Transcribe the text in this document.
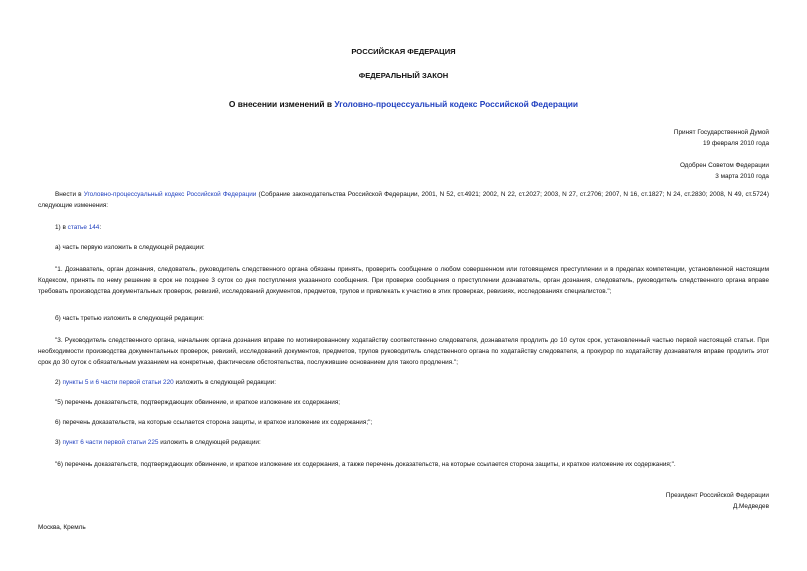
РОССИЙСКАЯ ФЕДЕРАЦИЯ
ФЕДЕРАЛЬНЫЙ ЗАКОН
О внесении изменений в Уголовно-процессуальный кодекс Российской Федерации
Принят Государственной Думой
19 февраля 2010 года
Одобрен Советом Федерации
3 марта 2010 года
Внести в Уголовно-процессуальный кодекс Российской Федерации (Собрание законодательства Российской Федерации, 2001, N 52, ст.4921; 2002, N 22, ст.2027; 2003, N 27, ст.2706; 2007, N 16, ст.1827; N 24, ст.2830; 2008, N 49, ст.5724) следующие изменения:
1) в статье 144:
а) часть первую изложить в следующей редакции:
"1. Дознаватель, орган дознания, следователь, руководитель следственного органа обязаны принять, проверить сообщение о любом совершенном или готовящемся преступлении и в пределах компетенции, установленной настоящим Кодексом, принять по нему решение в срок не позднее 3 суток со дня поступления указанного сообщения. При проверке сообщения о преступлении дознаватель, орган дознания, следователь, руководитель следственного органа вправе требовать производства документальных проверок, ревизий, исследований документов, предметов, трупов и привлекать к участию в этих проверках, ревизиях, исследованиях специалистов.";
б) часть третью изложить в следующей редакции:
"3. Руководитель следственного органа, начальник органа дознания вправе по мотивированному ходатайству соответственно следователя, дознавателя продлить до 10 суток срок, установленный частью первой настоящей статьи. При необходимости производства документальных проверок, ревизий, исследований документов, предметов, трупов руководитель следственного органа по ходатайству следователя, а прокурор по ходатайству дознавателя вправе продлить этот срок до 30 суток с обязательным указанием на конкретные, фактические обстоятельства, послужившие основанием для такого продления.";
2) пункты 5 и 6 части первой статьи 220 изложить в следующей редакции:
"5) перечень доказательств, подтверждающих обвинение, и краткое изложение их содержания;
6) перечень доказательств, на которые ссылается сторона защиты, и краткое изложение их содержания;";
3) пункт 6 части первой статьи 225 изложить в следующей редакции:
"6) перечень доказательств, подтверждающих обвинение, и краткое изложение их содержания, а также перечень доказательств, на которые ссылается сторона защиты, и краткое изложение их содержания;".
Президент Российской Федерации
Д.Медведев
Москва, Кремль
